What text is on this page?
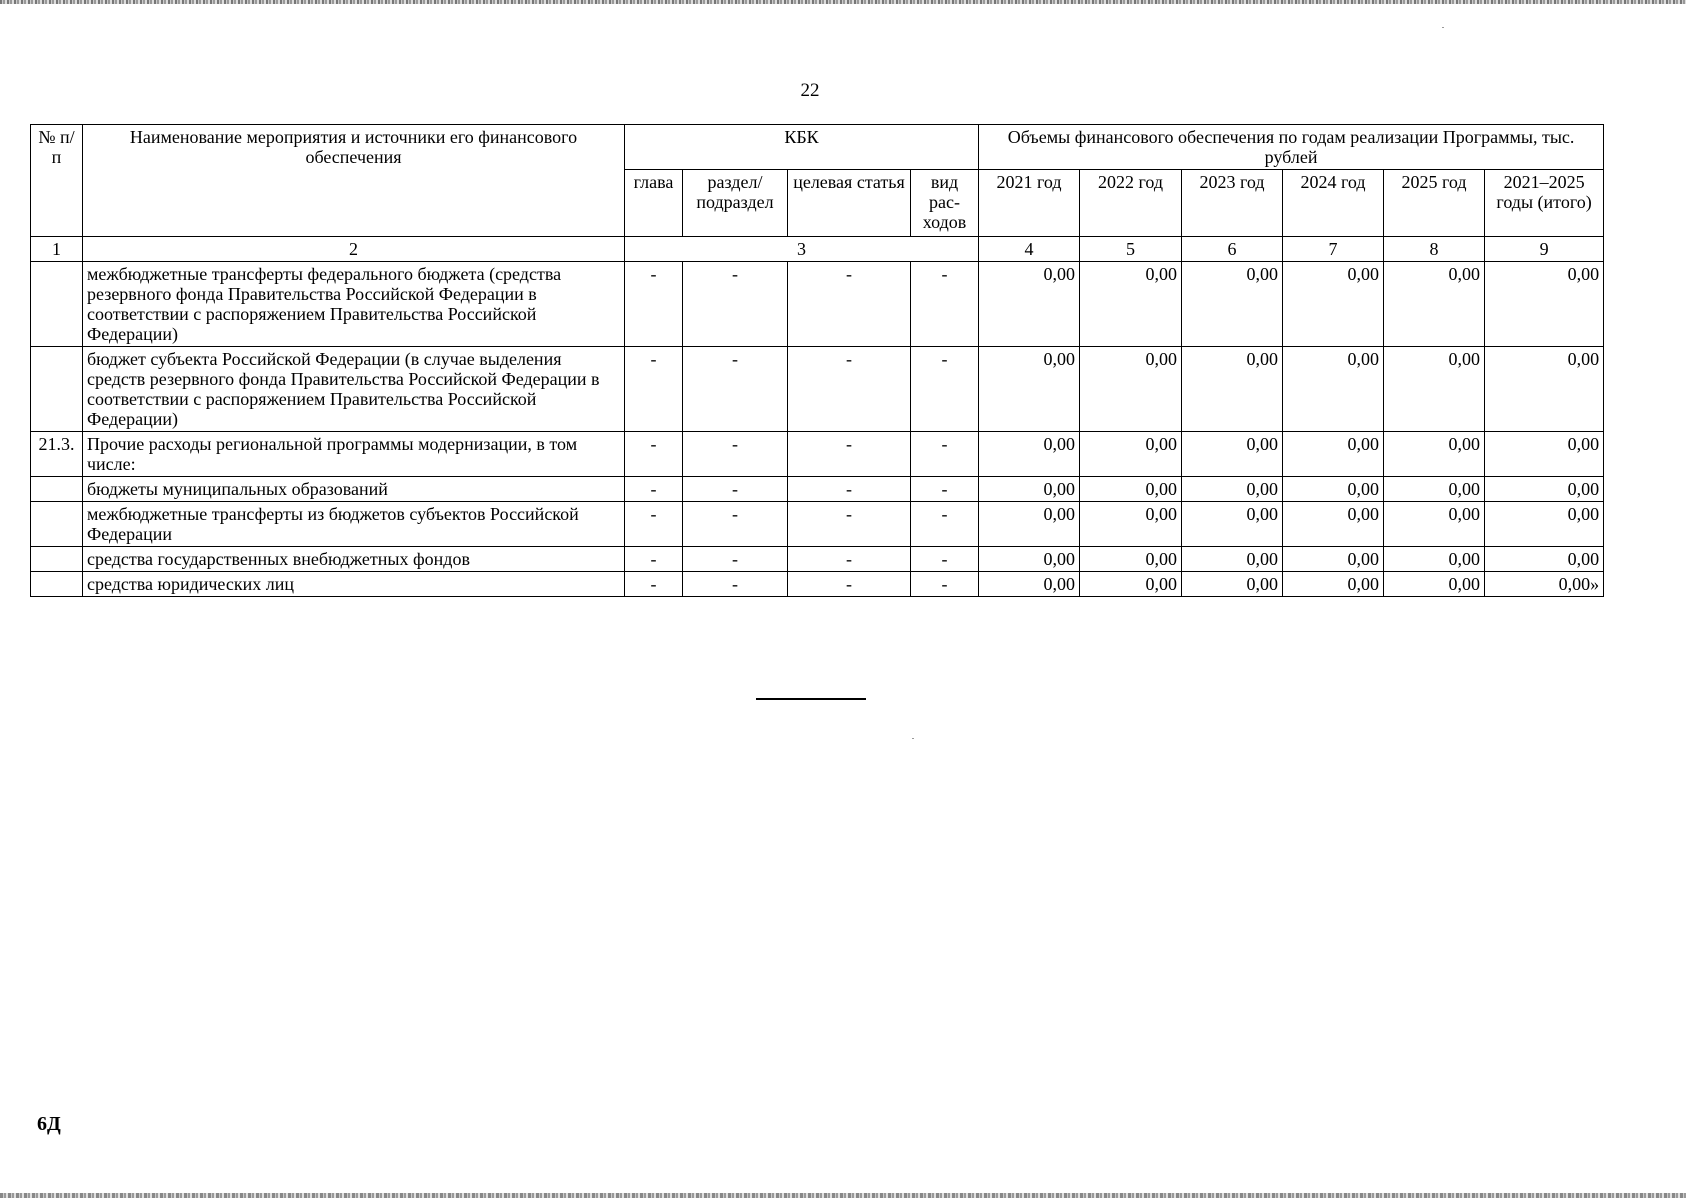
22
№ п/п	Наименование мероприятия и источники его финансового обеспечения	КБК				Объемы финансового обеспечения по годам реализации Программы, тыс. рублей					
		глава	раздел/ подраздел	целевая статья	вид рас-ходов	2021 год	2022 год	2023 год	2024 год	2025 год	2021–2025 годы (итого)
1	2	3				4	5	6	7	8	9
	межбюджетные трансферты федерального бюджета (средства резервного фонда Правительства Российской Федерации в соответствии с распоряжением Правительства Российской Федерации)	-	-	-	-	0,00	0,00	0,00	0,00	0,00	0,00
	бюджет субъекта Российской Федерации (в случае выделения средств резервного фонда Правительства Российской Федерации в соответствии с распоряжением Правительства Российской Федерации)	-	-	-	-	0,00	0,00	0,00	0,00	0,00	0,00
21.3.	Прочие расходы региональной программы модернизации, в том числе:	-	-	-	-	0,00	0,00	0,00	0,00	0,00	0,00
	бюджеты муниципальных образований	-	-	-	-	0,00	0,00	0,00	0,00	0,00	0,00
	межбюджетные трансферты из бюджетов субъектов Российской Федерации	-	-	-	-	0,00	0,00	0,00	0,00	0,00	0,00
	средства государственных внебюджетных фондов	-	-	-	-	0,00	0,00	0,00	0,00	0,00	0,00
	средства юридических лиц	-	-	-	-	0,00	0,00	0,00	0,00	0,00	0,00»
6Д
